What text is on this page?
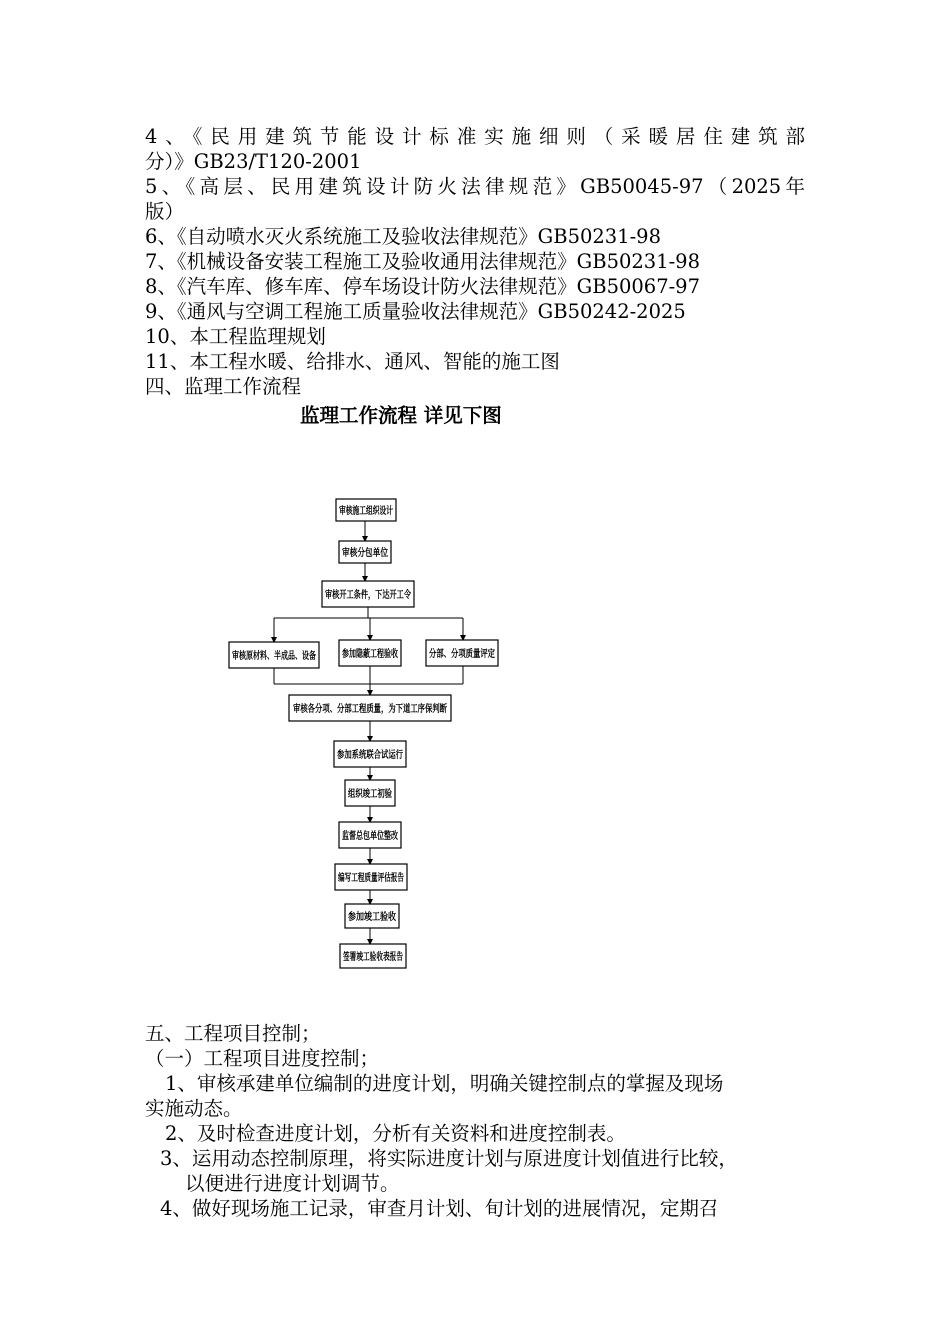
4、《民用建筑节能设计标准实施细则（采暖居住建筑部
分）》GB23/T120-2001
5、《高层、民用建筑设计防火法律规范》GB50045-97（2025年
版）
6、《自动喷水灭火系统施工及验收法律规范》GB50231-98
7、《机械设备安装工程施工及验收通用法律规范》GB50231-98
8、《汽车库、修车库、停车场设计防火法律规范》GB50067-97
9、《通风与空调工程施工质量验收法律规范》GB50242-2025
10、本工程监理规划
11、本工程水暖、给排水、通风、智能的施工图
四、监理工作流程
监理工作流程 详见下图
审核施工组织设计
审核分包单位
审核开工条件，下达开工令
审核原材料、半成品、设备
参加隐蔽工程验收 分部、分项质量评定
审核各分项、分部工程质量，为下道工序保判断
参加系统联合试运行
组织竣工初验
监督总包单位整改
编写工程质量评估报告
参加竣工验收
签署竣工验收表报告
五、工程项目控制；
（一）工程项目进度控制；
1、审核承建单位编制的进度计划，明确关键控制点的掌握及现场
实施动态。
2、及时检查进度计划，分析有关资料和进度控制表。
3、运用动态控制原理，将实际进度计划与原进度计划值进行比较，
以便进行进度计划调节。
4、做好现场施工记录，审查月计划、旬计划的进展情况，定期召
